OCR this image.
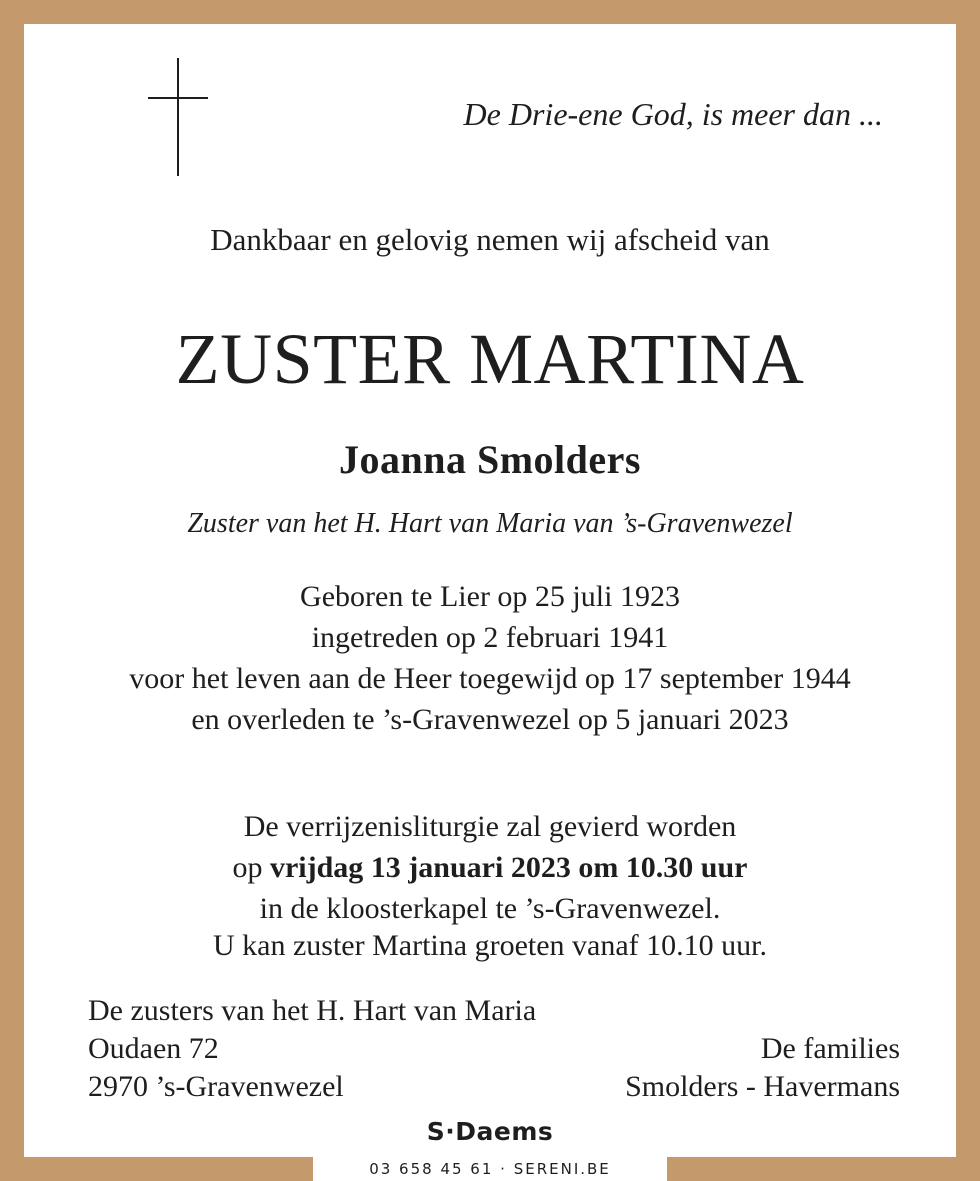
De Drie-ene God, is meer dan ...
Dankbaar en gelovig nemen wij afscheid van
ZUSTER MARTINA
Joanna Smolders
Zuster van het H. Hart van Maria van ’s-Gravenwezel
Geboren te Lier op 25 juli 1923
ingetreden op 2 februari 1941
voor het leven aan de Heer toegewijd op 17 september 1944
en overleden te ’s-Gravenwezel op 5 januari 2023
De verrijzenisliturgie zal gevierd worden
op vrijdag 13 januari 2023 om 10.30 uur
in de kloosterkapel te ’s-Gravenwezel.
U kan zuster Martina groeten vanaf 10.10 uur.
De zusters van het H. Hart van Maria
Oudaen 72
2970 ’s-Gravenwezel
De families
Smolders - Havermans
S·Daems
03 658 45 61 · SERENI.BE
